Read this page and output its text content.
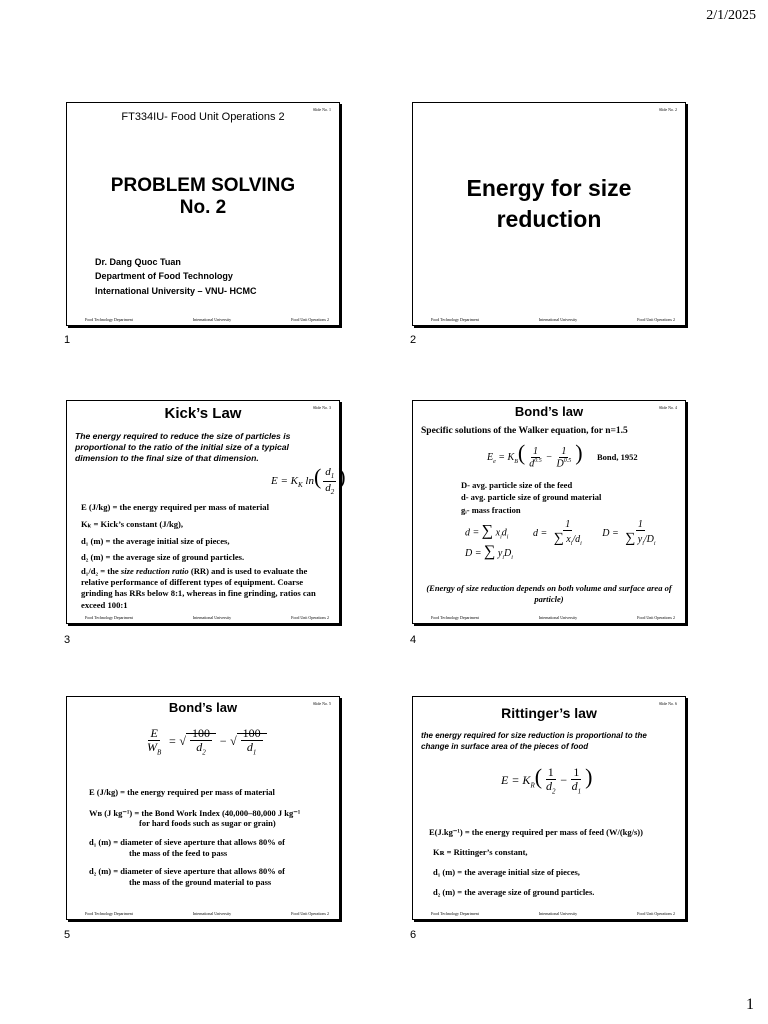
2/1/2025
Slide No. 1
FT334IU- Food Unit Operations 2
PROBLEM SOLVING
No. 2
Dr. Dang Quoc Tuan
Department of Food Technology
International University – VNU- HCMC
Food Technology Department	International University	Food Unit Operations 2
1
Slide No. 2
Energy for size
reduction
Food Technology Department	International University	Food Unit Operations 2
2
Slide No. 3
Kick’s Law
The energy required to reduce the size of particles is proportional to the ratio of the initial size of a typical dimension to the final size of that dimension.
$E = K_K$ $\ln( \frac{d_1}{d_2}$ )
E (J/kg) = the energy required per mass of material
Kₖ = Kick’s constant (J/kg),
d₁ (m) = the average initial size of pieces,
d₂ (m) = the average size of ground particles.
d₁/d₂ = the size reduction ratio (RR) and is used to evaluate the relative performance of different types of equipment. Coarse grinding has RRs below 8:1, whereas in fine grinding, ratios can exceed 100:1
Food Technology Department	International University	Food Unit Operations 2
3
Slide No. 4
Bond’s law
Specific solutions of the Walker equation, for n=1.5
$E_e = K_B( \frac{1}{d^{0.5}} - \frac{1}{D^{0.5}}$ ) Bond, 1952
D- avg. particle size of the feed
d- avg. particle size of ground material
gᵢ- mass fraction
d = ∑ $x_id_i$ $d = \frac{1}{\sum x_i/d_i}$ $D = \frac{1}{\sum y_i/D_i}$
D = ∑ $y_iD_i$
(Energy of size reduction depends on both volume and surface area of particle)
Food Technology Department	International University	Food Unit Operations 2
4
Slide No. 5
Bond’s law
$\frac{E}{W_B}$ = √ $\frac{100}{d_2}$ − √ $\frac{100}{d_1}$
E (J/kg) = the energy required per mass of material
Wʙ (J kg⁻¹) = the Bond Work Index (40,000–80,000 J kg⁻¹
for hard foods such as sugar or grain)
d₁ (m) = diameter of sieve aperture that allows 80% of
the mass of the feed to pass
d₂ (m) = diameter of sieve aperture that allows 80% of
the mass of the ground material to pass
Food Technology Department	International University	Food Unit Operations 2
5
Slide No. 6
Rittinger’s law
the energy required for size reduction is proportional to the change in surface area of the pieces of food
$E = K_R( \frac{1}{d_2} - \frac{1}{d_1}$ )
E(J.kg⁻¹) = the energy required per mass of feed (W/(kg/s))
Kʀ = Rittinger’s constant,
d₁ (m) = the average initial size of pieces,
d₂ (m) = the average size of ground particles.
Food Technology Department	International University	Food Unit Operations 2
6
1
